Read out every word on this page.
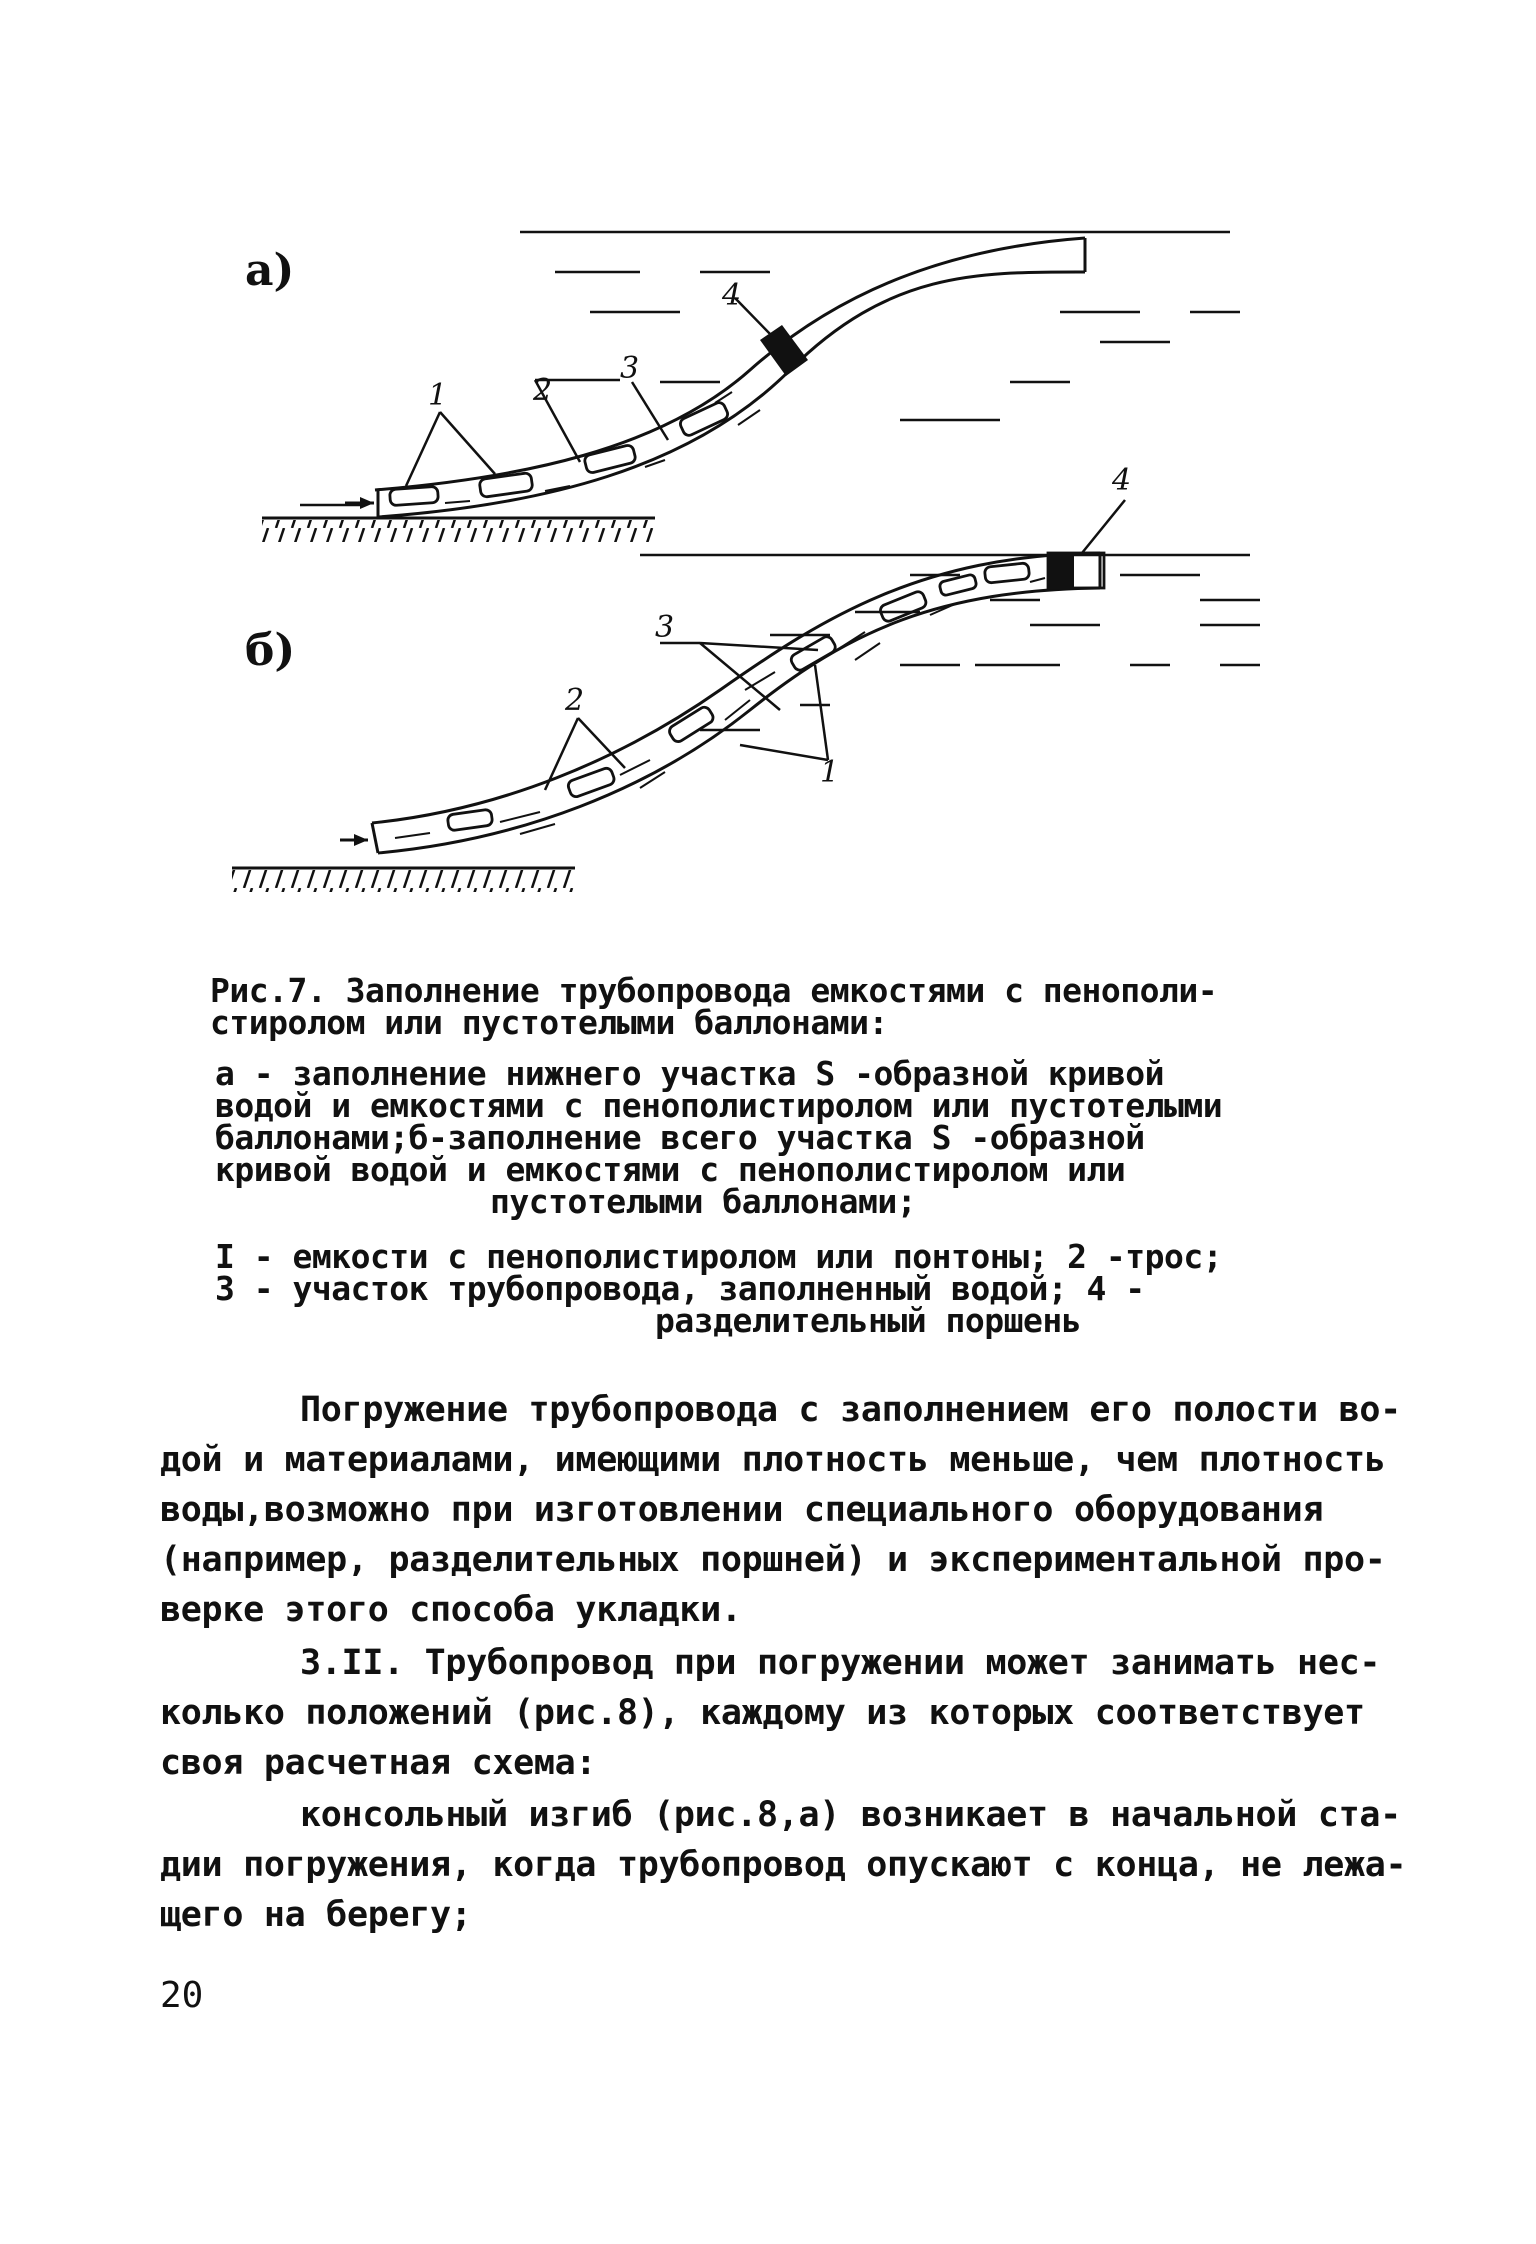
а)
1	2
3
4
б)
4
3
2
1
Рис.7. Заполнение трубопровода емкостями с пенополи-
стиролом или пустотелыми баллонами:
а - заполнение нижнего участка S -образной кривой
водой и емкостями с пенополистиролом или пустотелыми
баллонами;б-заполнение всего участка S -образной
кривой водой и емкостями с пенополистиролом или
пустотелыми баллонами;
I - емкости с пенополистиролом или понтоны; 2 -трос;
3 - участок трубопровода, заполненный водой; 4 -
разделительный поршень
Погружение трубопровода с заполнением его полости во-
дой и материалами, имеющими плотность меньше, чем плотность
воды,возможно при изготовлении специального оборудования
(например, разделительных поршней) и экспериментальной про-
верке этого способа укладки.
3.II. Трубопровод при погружении может занимать нес-
колько положений (рис.8), каждому из которых соответствует
своя расчетная схема:
консольный изгиб (рис.8,а) возникает в начальной ста-
дии погружения, когда трубопровод опускают с конца, не лежа-
щего на берегу;
20
